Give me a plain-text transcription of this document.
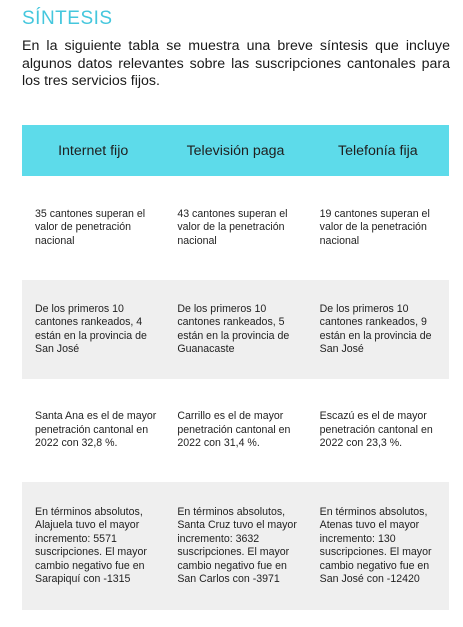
SÍNTESIS
En la siguiente tabla se muestra una breve síntesis que incluye algunos datos relevantes sobre las suscripciones cantonales para los tres servicios fijos.
Internet fijo	Televisión paga	Telefonía fija
35 cantones superan el valor de penetración nacional
43 cantones superan el valor de la penetración nacional
19 cantones superan el valor de la penetración nacional
De los primeros 10 cantones rankeados, 4 están en la provincia de San José
De los primeros 10 cantones rankeados, 5 están en la provincia de Guanacaste
De los primeros 10 cantones rankeados, 9 están en la provincia de San José
Santa Ana es el de mayor penetración cantonal en 2022 con 32,8 %.
Carrillo es el de mayor penetración cantonal en 2022 con 31,4 %.
Escazú es el de mayor penetración cantonal en 2022 con 23,3 %.
En términos absolutos, Alajuela tuvo el mayor incremento: 5571 suscripciones. El mayor cambio negativo fue en Sarapiquí con -1315
En términos absolutos, Santa Cruz tuvo el mayor incremento: 3632 suscripciones. El mayor cambio negativo fue en San Carlos con -3971
En términos absolutos, Atenas tuvo el mayor incremento: 130 suscripciones. El mayor cambio negativo fue en San José con -12420
